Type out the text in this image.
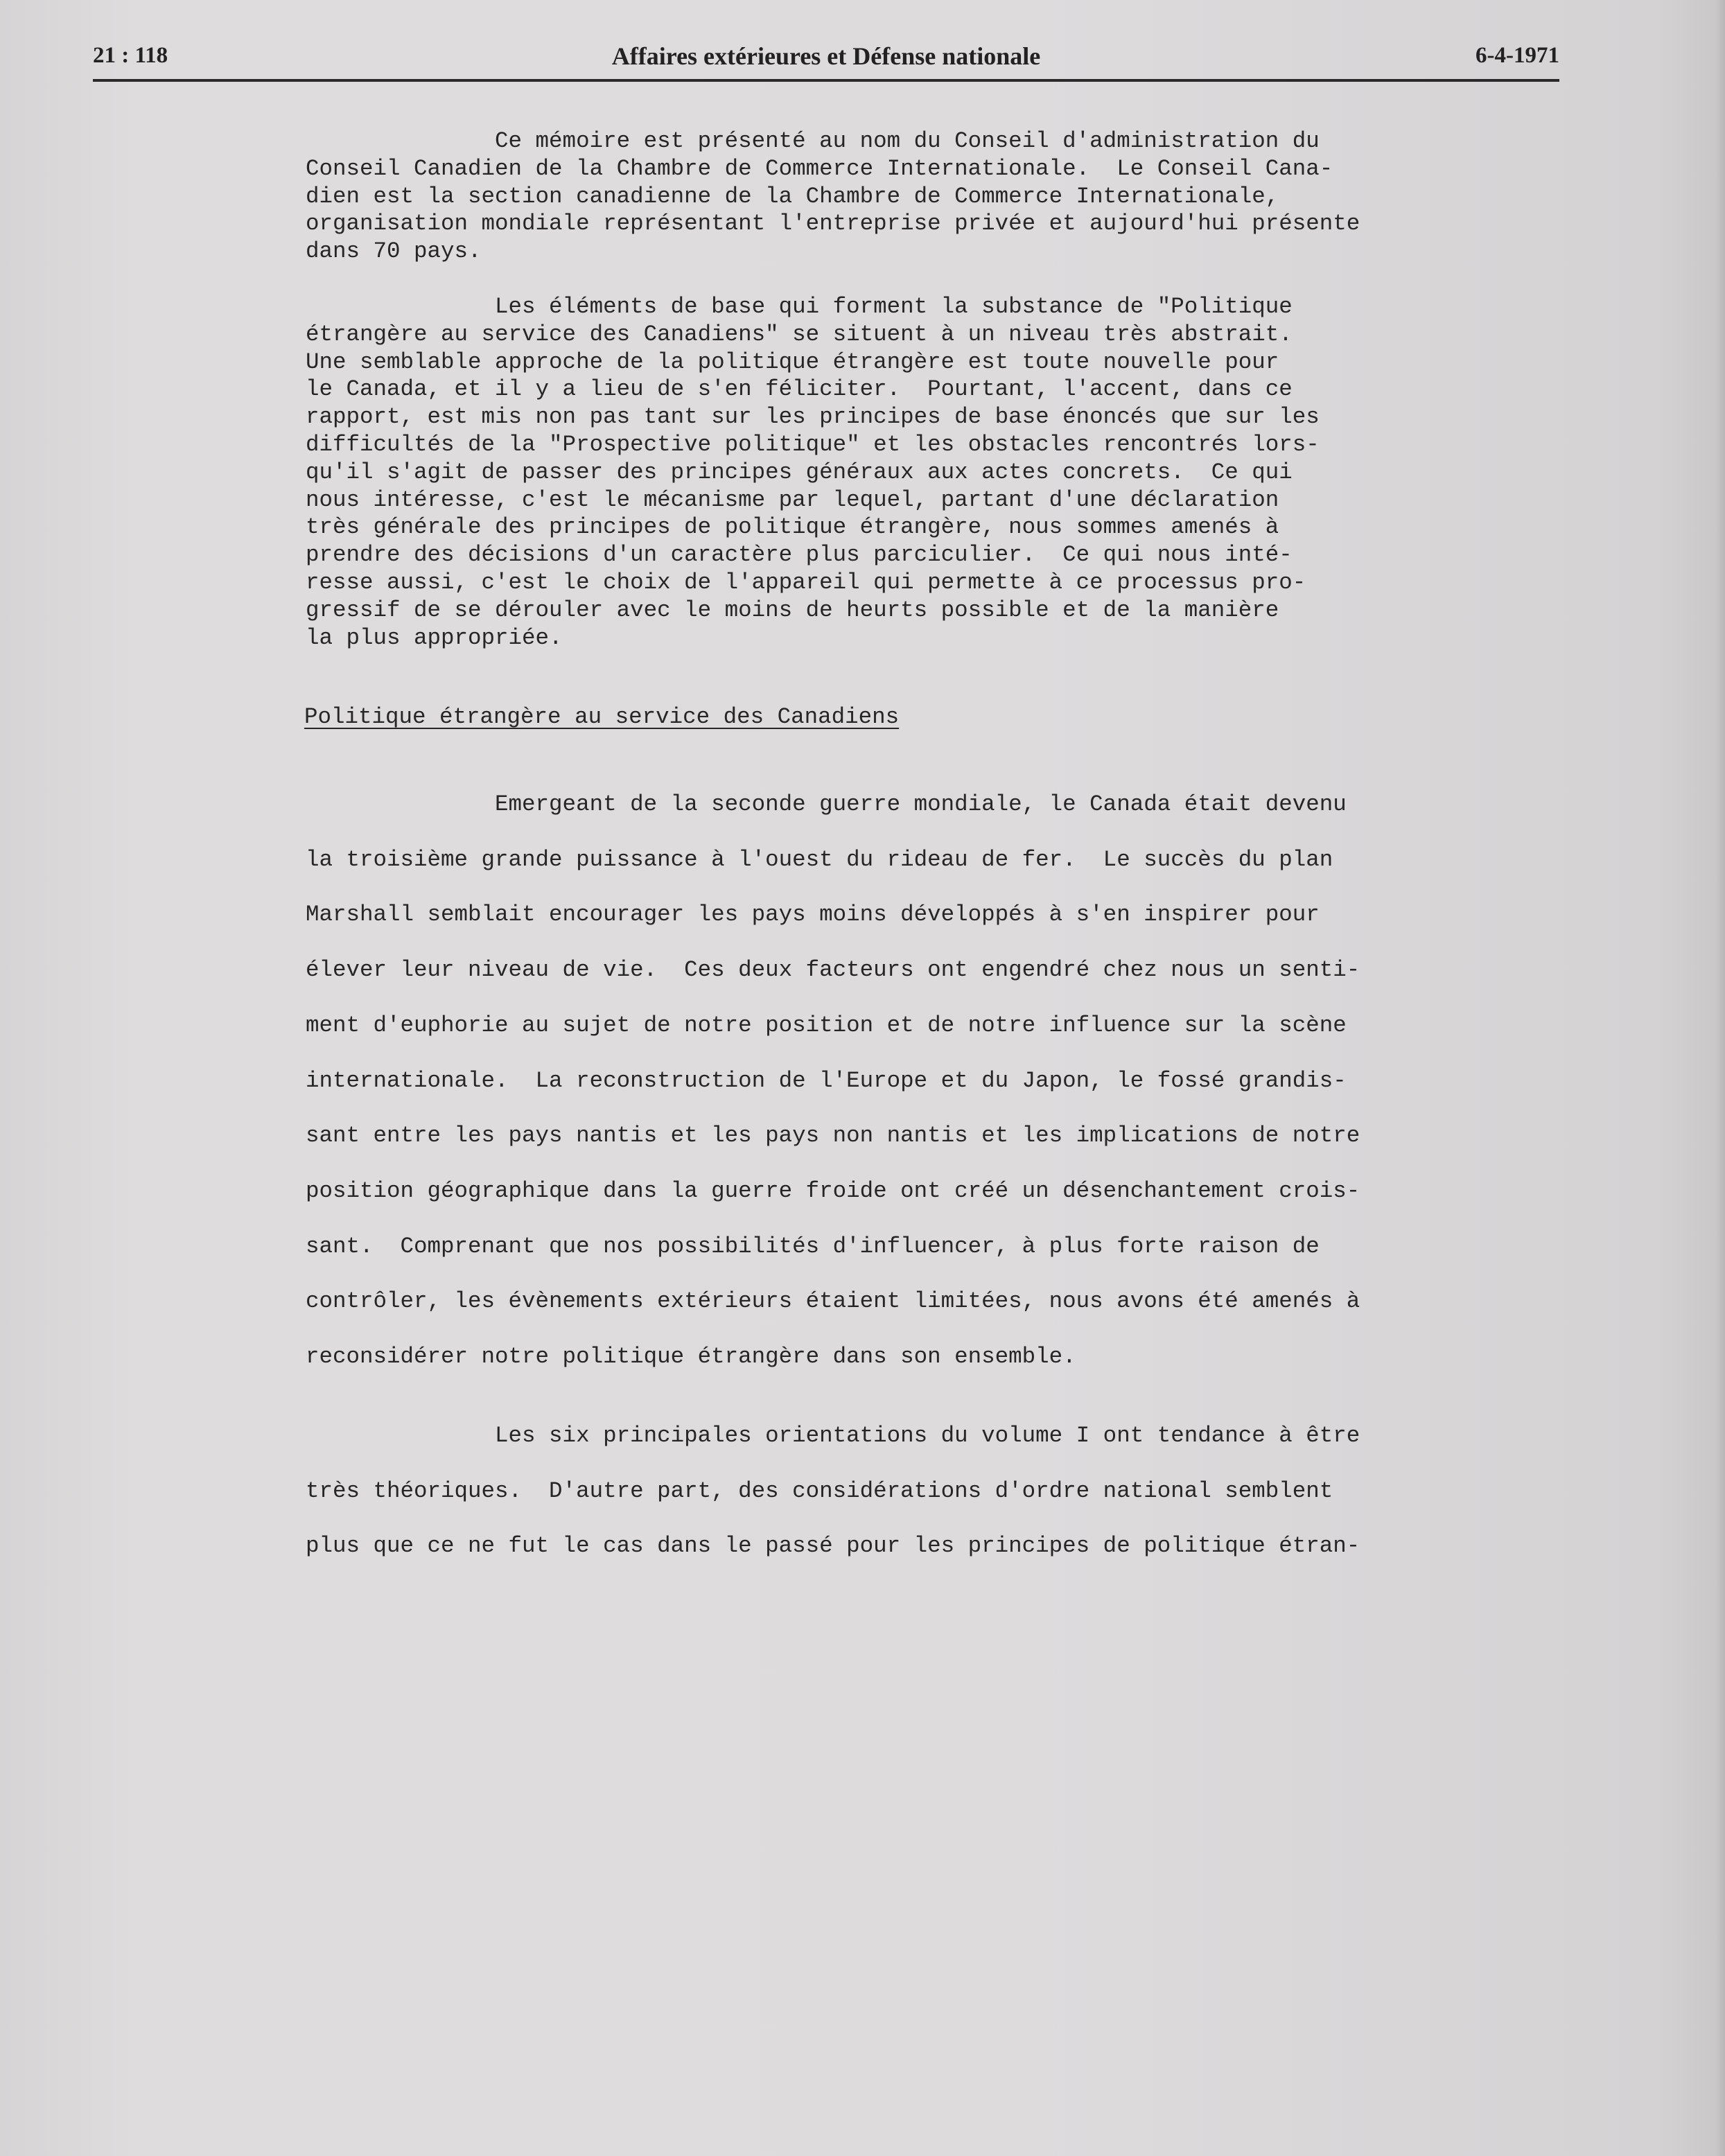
21 : 118	Affaires extérieures et Défense nationale	6-4-1971
Ce mémoire est présenté au nom du Conseil d'administration du
Conseil Canadien de la Chambre de Commerce Internationale.  Le Conseil Cana-
dien est la section canadienne de la Chambre de Commerce Internationale,
organisation mondiale représentant l'entreprise privée et aujourd'hui présente
dans 70 pays.
Les éléments de base qui forment la substance de "Politique
étrangère au service des Canadiens" se situent à un niveau très abstrait.
Une semblable approche de la politique étrangère est toute nouvelle pour
le Canada, et il y a lieu de s'en féliciter.  Pourtant, l'accent, dans ce
rapport, est mis non pas tant sur les principes de base énoncés que sur les
difficultés de la "Prospective politique" et les obstacles rencontrés lors-
qu'il s'agit de passer des principes généraux aux actes concrets.  Ce qui
nous intéresse, c'est le mécanisme par lequel, partant d'une déclaration
très générale des principes de politique étrangère, nous sommes amenés à
prendre des décisions d'un caractère plus parciculier.  Ce qui nous inté-
resse aussi, c'est le choix de l'appareil qui permette à ce processus pro-
gressif de se dérouler avec le moins de heurts possible et de la manière
la plus appropriée.
Politique étrangère au service des Canadiens
Emergeant de la seconde guerre mondiale, le Canada était devenu
la troisième grande puissance à l'ouest du rideau de fer.  Le succès du plan
Marshall semblait encourager les pays moins développés à s'en inspirer pour
élever leur niveau de vie.  Ces deux facteurs ont engendré chez nous un senti-
ment d'euphorie au sujet de notre position et de notre influence sur la scène
internationale.  La reconstruction de l'Europe et du Japon, le fossé grandis-
sant entre les pays nantis et les pays non nantis et les implications de notre
position géographique dans la guerre froide ont créé un désenchantement crois-
sant.  Comprenant que nos possibilités d'influencer, à plus forte raison de
contrôler, les évènements extérieurs étaient limitées, nous avons été amenés à
reconsidérer notre politique étrangère dans son ensemble.
Les six principales orientations du volume I ont tendance à être
très théoriques.  D'autre part, des considérations d'ordre national semblent
plus que ce ne fut le cas dans le passé pour les principes de politique étran-
